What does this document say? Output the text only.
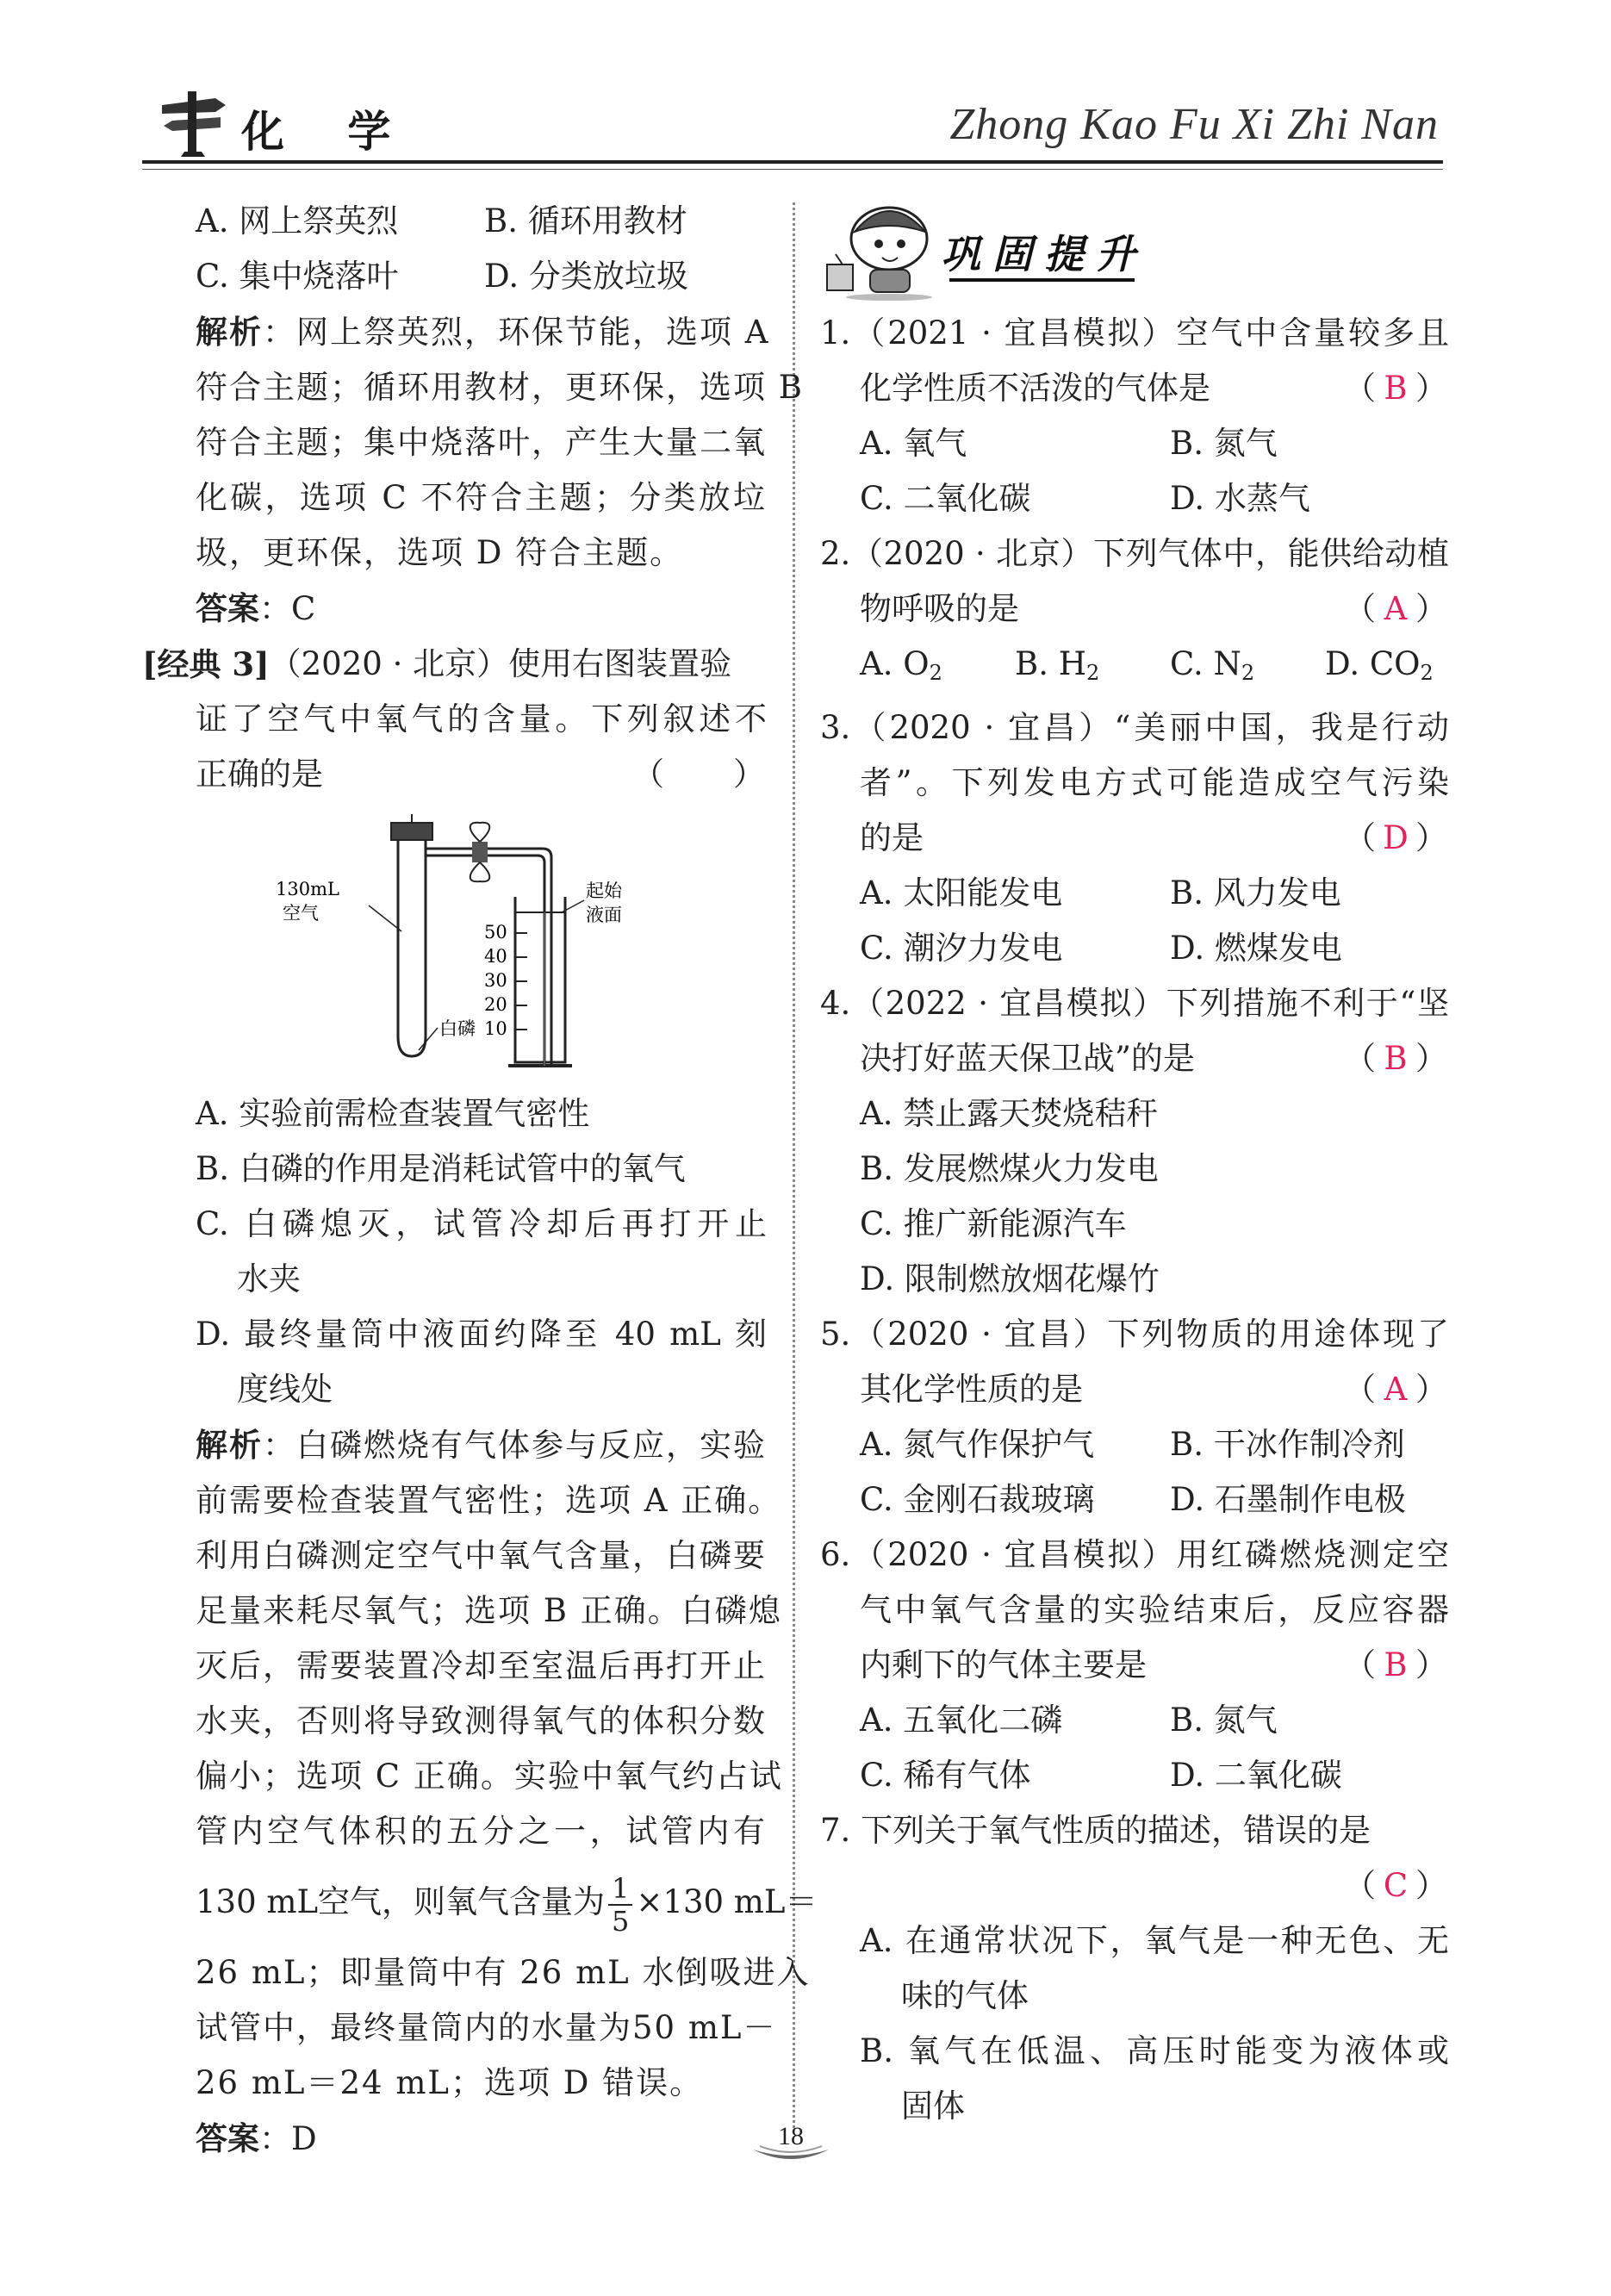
化 学	Zhong Kao Fu Xi Zhi Nan
A. 网上祭英烈	B. 循环用教材
C. 集中烧落叶	D. 分类放垃圾
解析：网上祭英烈，环保节能，选项 A
符合主题；循环用教材，更环保，选项 B
符合主题；集中烧落叶，产生大量二氧
化碳，选项 C 不符合主题；分类放垃
圾，更环保，选项 D 符合主题。
答案：C
[经典 3] （2020 · 北京）使用右图装置验
证了空气中氧气的含量。下列叙述不
正确的是	（　　）
50
40
30
20
10
130mL
空气
白磷
起始
液面
A. 实验前需检查装置气密性
B. 白磷的作用是消耗试管中的氧气
C. 白磷熄灭，试管冷却后再打开止
水夹
D. 最终量筒中液面约降至 40 mL 刻
度线处
解析：白磷燃烧有气体参与反应，实验
前需要检查装置气密性；选项 A 正确。
利用白磷测定空气中氧气含量，白磷要
足量来耗尽氧气；选项 B 正确。白磷熄
灭后，需要装置冷却至室温后再打开止
水夹，否则将导致测得氧气的体积分数
偏小；选项 C 正确。实验中氧气约占试
管内空气体积的五分之一，试管内有
130 mL空气，则氧气含量为 $\frac{1}{5} \times 130$ mL＝
26 mL；即量筒中有 26 mL 水倒吸进入
试管中，最终量筒内的水量为50 mL－
26 mL＝24 mL；选项 D 错误。
答案：D
巩固提升
1.（2021 · 宜昌模拟）空气中含量较多且
化学性质不活泼的气体是	（ B ）
A. 氧气	B. 氮气
C. 二氧化碳	D. 水蒸气
2.（2020 · 北京）下列气体中，能供给动植
物呼吸的是	（ A ）
A. O2	B. H2	C. N2	D. CO2
3.（2020 · 宜昌）“美丽中国，我是行动
者”。下列发电方式可能造成空气污染
的是	（ D ）
A. 太阳能发电	B. 风力发电
C. 潮汐力发电	D. 燃煤发电
4.（2022 · 宜昌模拟）下列措施不利于“坚
决打好蓝天保卫战”的是	（ B ）
A. 禁止露天焚烧秸秆
B. 发展燃煤火力发电
C. 推广新能源汽车
D. 限制燃放烟花爆竹
5.（2020 · 宜昌）下列物质的用途体现了
其化学性质的是	（ A ）
A. 氮气作保护气	B. 干冰作制冷剂
C. 金刚石裁玻璃	D. 石墨制作电极
6.（2020 · 宜昌模拟）用红磷燃烧测定空
气中氧气含量的实验结束后，反应容器
内剩下的气体主要是	（ B ）
A. 五氧化二磷	B. 氮气
C. 稀有气体	D. 二氧化碳
7. 下列关于氧气性质的描述，错误的是
（ C ）
A. 在通常状况下，氧气是一种无色、无
味的气体
B. 氧气在低温、高压时能变为液体或
固体
18
